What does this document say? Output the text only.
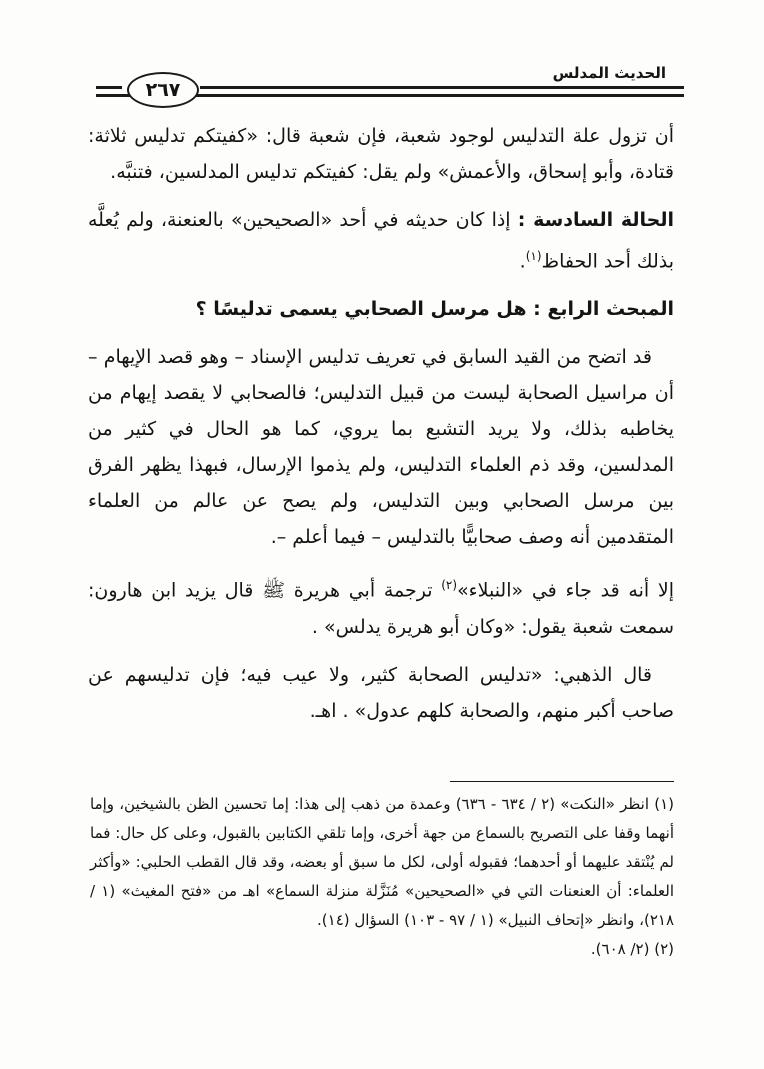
الحديث المدلس
٢٦٧

أن تزول علة التدليس لوجود شعبة، فإن شعبة قال: «كفيتكم تدليس ثلاثة: قتادة، وأبو إسحاق، والأعمش» ولم يقل: كفيتكم تدليس المدلسين، فتنبَّه.

الحالة السادسة : إذا كان حديثه في أحد «الصحيحين» بالعنعنة، ولم يُعلَّه بذلك أحد الحفاظ$^{(١)}$.

المبحث الرابع : هل مرسل الصحابي يسمى تدليسًا ؟

قد اتضح من القيد السابق في تعريف تدليس الإسناد – وهو قصد الإيهام – أن مراسيل الصحابة ليست من قبيل التدليس؛ فالصحابي لا يقصد إيهام من يخاطبه بذلك، ولا يريد التشبع بما يروي، كما هو الحال في كثير من المدلسين، وقد ذم العلماء التدليس، ولم يذموا الإرسال، فبهذا يظهر الفرق بين مرسل الصحابي وبين التدليس، ولم يصح عن عالم من العلماء المتقدمين أنه وصف صحابيًّا بالتدليس – فيما أعلم –.

إلا أنه قد جاء في «النبلاء»$^{(٢)}$ ترجمة أبي هريرة ﷺ قال يزيد ابن هارون: سمعت شعبة يقول: «وكان أبو هريرة يدلس» .

قال الذهبي: «تدليس الصحابة كثير، ولا عيب فيه؛ فإن تدليسهم عن صاحب أكبر منهم، والصحابة كلهم عدول» . اهـ.

(١) انظر «النكت» (٢ / ٦٣٤ - ٦٣٦) وعمدة من ذهب إلى هذا: إما تحسين الظن بالشيخين، وإما أنهما وقفا على التصريح بالسماع من جهة أخرى، وإما تلقي الكتابين بالقبول، وعلى كل حال: فما لم يُنْتقد عليهما أو أحدهما؛ فقبوله أولى، لكل ما سبق أو بعضه، وقد قال القطب الحلبي: «وأكثر العلماء: أن العنعنات التي في «الصحيحين» مُنَزَّلة منزلة السماع» اهـ من «فتح المغيث» (١ / ٢١٨)، وانظر «إتحاف النبيل» (١ / ٩٧ - ١٠٣) السؤال (١٤).

(٢) (٢/ ٦٠٨).
